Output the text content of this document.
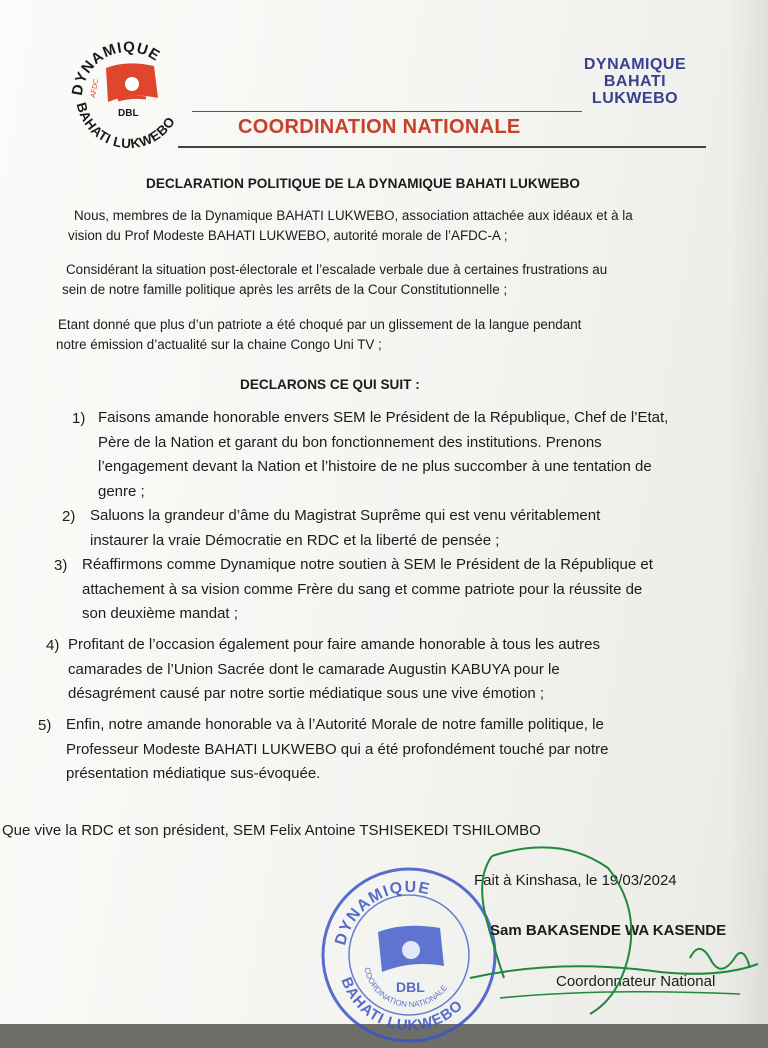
DYNAMIQUE
BAHATI LUKWEBO
AFDC
DBL
DYNAMIQUE
BAHATI
LUKWEBO
COORDINATION NATIONALE
DECLARATION POLITIQUE DE LA DYNAMIQUE BAHATI LUKWEBO
Nous, membres de la Dynamique BAHATI LUKWEBO, association attachée aux idéaux et à la
vision du Prof Modeste BAHATI LUKWEBO, autorité morale de l’AFDC-A ;
Considérant la situation post-électorale et l’escalade verbale due à certaines frustrations au
sein de notre famille politique après les arrêts de la Cour Constitutionnelle ;
Etant donné que plus d’un patriote a été choqué par un glissement de la langue pendant
notre émission d’actualité sur la chaine Congo Uni TV ;
DECLARONS CE QUI SUIT :
1) Faisons amande honorable envers SEM le Président de la République, Chef de l’Etat,
Père de la Nation et garant du bon fonctionnement des institutions. Prenons
l’engagement devant la Nation et l’histoire de ne plus succomber à une tentation de
genre ;
2) Saluons la grandeur d’âme du Magistrat Suprême qui est venu véritablement
instaurer la vraie Démocratie en RDC et la liberté de pensée ;
3) Réaffirmons comme Dynamique notre soutien à SEM le Président de la République et
attachement à sa vision comme Frère du sang et comme patriote pour la réussite de
son deuxième mandat ;
4) Profitant de l’occasion également pour faire amande honorable à tous les autres
camarades de l’Union Sacrée dont le camarade Augustin KABUYA pour le
désagrément causé par notre sortie médiatique sous une vive émotion ;
5) Enfin, notre amande honorable va à l’Autorité Morale de notre famille politique, le
Professeur Modeste BAHATI LUKWEBO qui a été profondément touché par notre
présentation médiatique sus-évoquée.
Que vive la RDC et son président, SEM Felix Antoine TSHISEKEDI TSHILOMBO
DYNAMIQUE
BAHATI LUKWEBO
COORDINATION NATIONALE
DBL
Fait à Kinshasa, le 19/03/2024
Sam BAKASENDE WA KASENDE
Coordonnateur National
